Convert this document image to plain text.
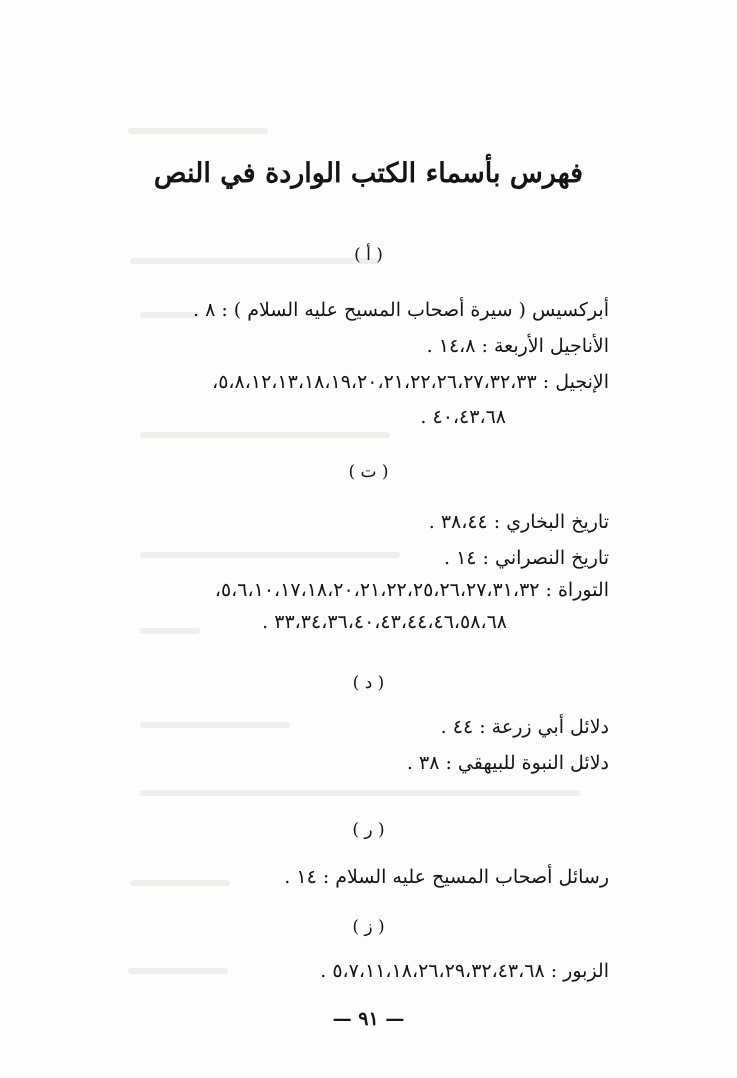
فهرس بأسماء الكتب الواردة في النص
( أ )
أبركسيس ( سيرة أصحاب المسيح عليه السلام ) : ٨ .
الأناجيل الأربعة : ١٤،٨ .
الإنجيل : ٥،٨،١٢،١٣،١٨،١٩،٢٠،٢١،٢٢،٢٦،٢٧،٣٢،٣٣،
٤٠،٤٣،٦٨ .
( ت )
تاريخ البخاري : ٣٨،٤٤ .
تاريخ النصراني : ١٤ .
التوراة : ٥،٦،١٠،١٧،١٨،٢٠،٢١،٢٢،٢٥،٢٦،٢٧،٣١،٣٢،
٣٣،٣٤،٣٦،٤٠،٤٣،٤٤،٤٦،٥٨،٦٨ .
( د )
دلائل أبي زرعة : ٤٤ .
دلائل النبوة للبيهقي : ٣٨ .
( ر )
رسائل أصحاب المسيح عليه السلام : ١٤ .
( ز )
الزبور : ٥،٧،١١،١٨،٢٦،٢٩،٣٢،٤٣،٦٨ .
— ٩١ —
